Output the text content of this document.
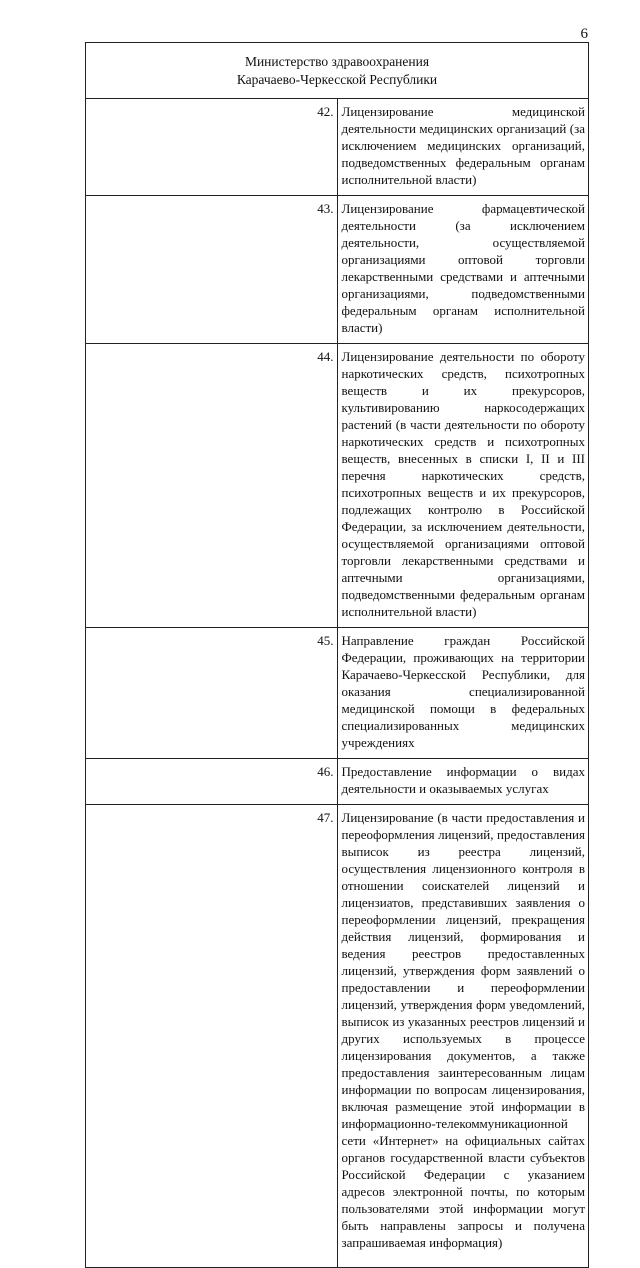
6
Министерство здравоохранения
Карачаево-Черкесской Республики	

42.	Лицензирование медицинской деятельности медицинских организаций (за исключением медицинских организаций, подведомственных федеральным органам исполнительной власти)
43.	Лицензирование фармацевтической деятельности (за исключением деятельности, осуществляемой организациями оптовой торговли лекарственными средствами и аптечными организациями, подведомственными федеральным органам исполнительной власти)
44.	Лицензирование деятельности по обороту наркотических средств, психотропных веществ и их прекурсоров, культивированию наркосодержащих растений (в части деятельности по обороту наркотических средств и психотропных веществ, внесенных в списки I, II и III перечня наркотических средств, психотропных веществ и их прекурсоров, подлежащих контролю в Российской Федерации, за исключением деятельности, осуществляемой организациями оптовой торговли лекарственными средствами и аптечными организациями, подведомственными федеральным органам исполнительной власти)
45.	Направление граждан Российской Федерации, проживающих на территории Карачаево-Черкесской Республики, для оказания специализированной медицинской помощи в федеральных специализированных медицинских учреждениях
46.	Предоставление информации о видах деятельности и оказываемых услугах
47.	Лицензирование (в части предоставления и переоформления лицензий, предоставления выписок из реестра лицензий, осуществления лицензионного контроля в отношении соискателей лицензий и лицензиатов, представивших заявления о переоформлении лицензий, прекращения действия лицензий, формирования и ведения реестров предоставленных лицензий, утверждения форм заявлений о предоставлении и переоформлении лицензий, утверждения форм уведомлений, выписок из указанных реестров лицензий и других используемых в процессе лицензирования документов, а также предоставления заинтересованным лицам информации по вопросам лицензирования, включая размещение этой информации в информационно-телекоммуникационной сети «Интернет» на официальных сайтах органов государственной власти субъектов Российской Федерации с указанием адресов электронной почты, по которым пользователями этой информации могут быть направлены запросы и получена запрашиваемая информация)
